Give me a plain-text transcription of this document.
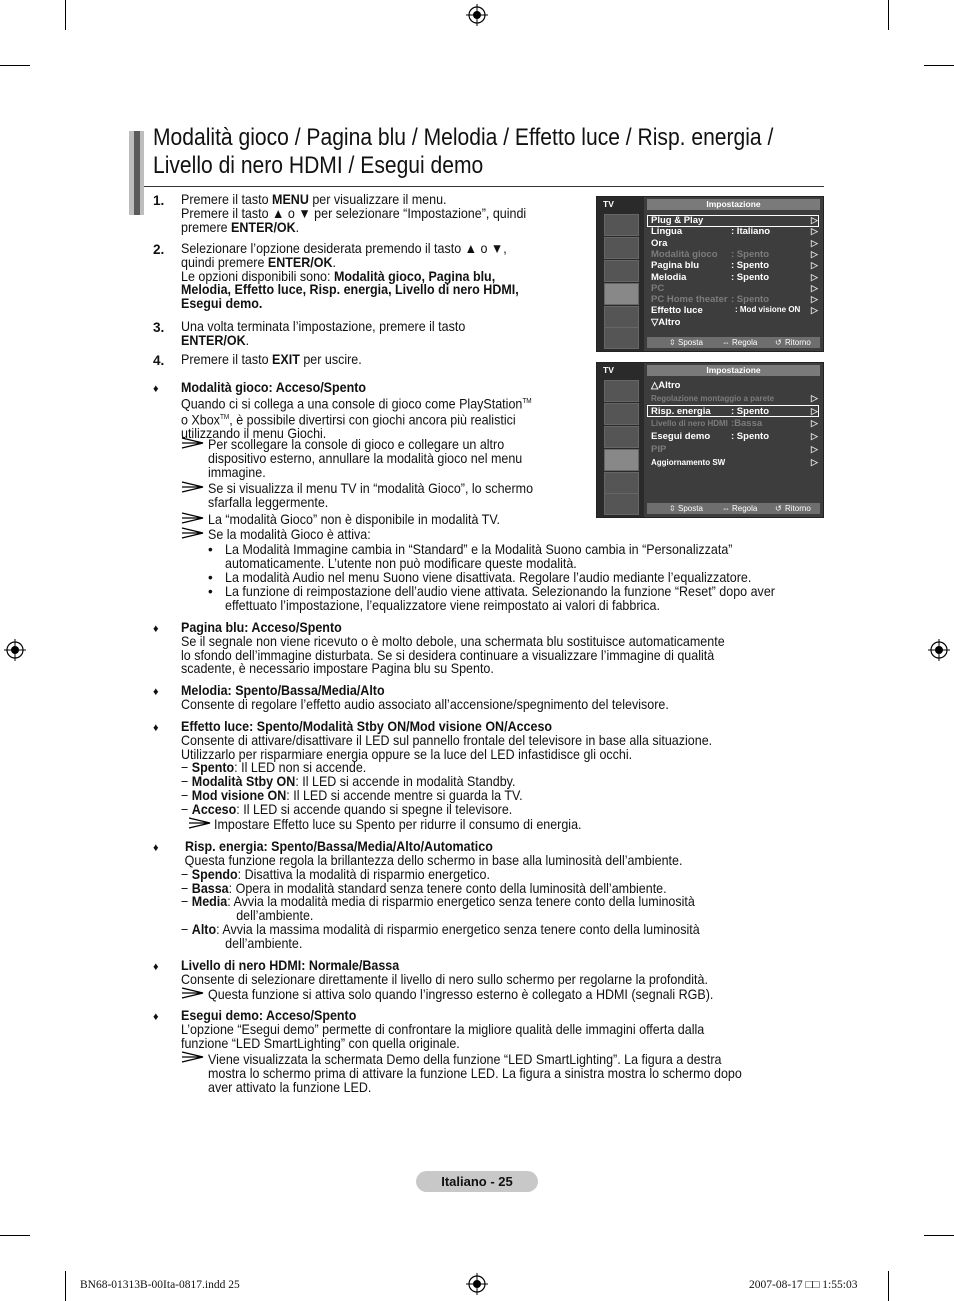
Modalità gioco / Pagina blu / Melodia / Effetto luce / Risp. energia /
Livello di nero HDMI / Esegui demo
1. Premere il tasto MENU per visualizzare il menu.
Premere il tasto ▲ o ▼ per selezionare “Impostazione”, quindi
premere ENTER/OK.
2. Selezionare l’opzione desiderata premendo il tasto ▲ o ▼,
quindi premere ENTER/OK.
Le opzioni disponibili sono: Modalità gioco, Pagina blu,
Melodia, Effetto luce, Risp. energia, Livello di nero HDMI,
Esegui demo.
3. Una volta terminata l’impostazione, premere il tasto
ENTER/OK.
4. Premere il tasto EXIT per uscire.
TV	Impostazione
⇳ Sposta ⇔ Regola ↺ Ritorno
Plug & Play	▷
Lingua	: Italiano	▷
Ora	▷
Modalità gioco : Spento	▷
Pagina blu	: Spento	▷
Melodia	: Spento	▷
PC	▷
PC Home theater : Spento	▷
Effetto luce	: Mod visione ON ▷
▽Altro
TV	Impostazione
⇳ Sposta ⇔ Regola ↺ Ritorno
△Altro
Regolazione montaggio a parete	▷
Risp. energia : Spento	▷
Livello di nero HDMI :Bassa	▷
Esegui demo : Spento	▷
PIP	▷
Aggiornamento SW	▷
♦ Modalità gioco: Acceso/Spento
Quando ci si collega a una console di gioco come PlayStation™
o Xbox™, è possibile divertirsi con giochi ancora più realistici
utilizzando il menu Giochi.
Per scollegare la console di gioco e collegare un altro
dispositivo esterno, annullare la modalità gioco nel menu
immagine.
Se si visualizza il menu TV in “modalità Gioco”, lo schermo
sfarfalla leggermente.
La “modalità Gioco” non è disponibile in modalità TV.
Se la modalità Gioco è attiva:
• La Modalità Immagine cambia in “Standard” e la Modalità Suono cambia in “Personalizzata”
automaticamente. L’utente non può modificare queste modalità.
• La modalità Audio nel menu Suono viene disattivata. Regolare l’audio mediante l’equalizzatore.
• La funzione di reimpostazione dell’audio viene attivata. Selezionando la funzione “Reset” dopo aver
effettuato l’impostazione, l’equalizzatore viene reimpostato ai valori di fabbrica.
♦ Pagina blu: Acceso/Spento
Se il segnale non viene ricevuto o è molto debole, una schermata blu sostituisce automaticamente
lo sfondo dell’immagine disturbata. Se si desidera continuare a visualizzare l’immagine di qualità
scadente, è necessario impostare Pagina blu su Spento.
♦ Melodia: Spento/Bassa/Media/Alto
Consente di regolare l’effetto audio associato all’accensione/spegnimento del televisore.
♦ Effetto luce: Spento/Modalità Stby ON/Mod visione ON/Acceso
Consente di attivare/disattivare il LED sul pannello frontale del televisore in base alla situazione.
Utilizzarlo per risparmiare energia oppure se la luce del LED infastidisce gli occhi.
− Spento: Il LED non si accende.
− Modalità Stby ON: Il LED si accende in modalità Standby.
− Mod visione ON: Il LED si accende mentre si guarda la TV.
− Acceso: Il LED si accende quando si spegne il televisore.
Impostare Effetto luce su Spento per ridurre il consumo di energia.
♦ Risp. energia: Spento/Bassa/Media/Alto/Automatico
Questa funzione regola la brillantezza dello schermo in base alla luminosità dell’ambiente.
− Spendo: Disattiva la modalità di risparmio energetico.
− Bassa: Opera in modalità standard senza tenere conto della luminosità dell’ambiente.
− Media: Avvia la modalità media di risparmio energetico senza tenere conto della luminosità
dell’ambiente.
− Alto: Avvia la massima modalità di risparmio energetico senza tenere conto della luminosità
dell’ambiente.
♦ Livello di nero HDMI: Normale/Bassa
Consente di selezionare direttamente il livello di nero sullo schermo per regolarne la profondità.
Questa funzione si attiva solo quando l’ingresso esterno è collegato a HDMI (segnali RGB).
♦ Esegui demo: Acceso/Spento
L’opzione “Esegui demo” permette di confrontare la migliore qualità delle immagini offerta dalla
funzione “LED SmartLighting” con quella originale.
Viene visualizzata la schermata Demo della funzione “LED SmartLighting”. La figura a destra
mostra lo schermo prima di attivare la funzione LED. La figura a sinistra mostra lo schermo dopo
aver attivato la funzione LED.
Italiano - 25
BN68-01313B-00Ita-0817.indd 25	2007-08-17 □□ 1:55:03
